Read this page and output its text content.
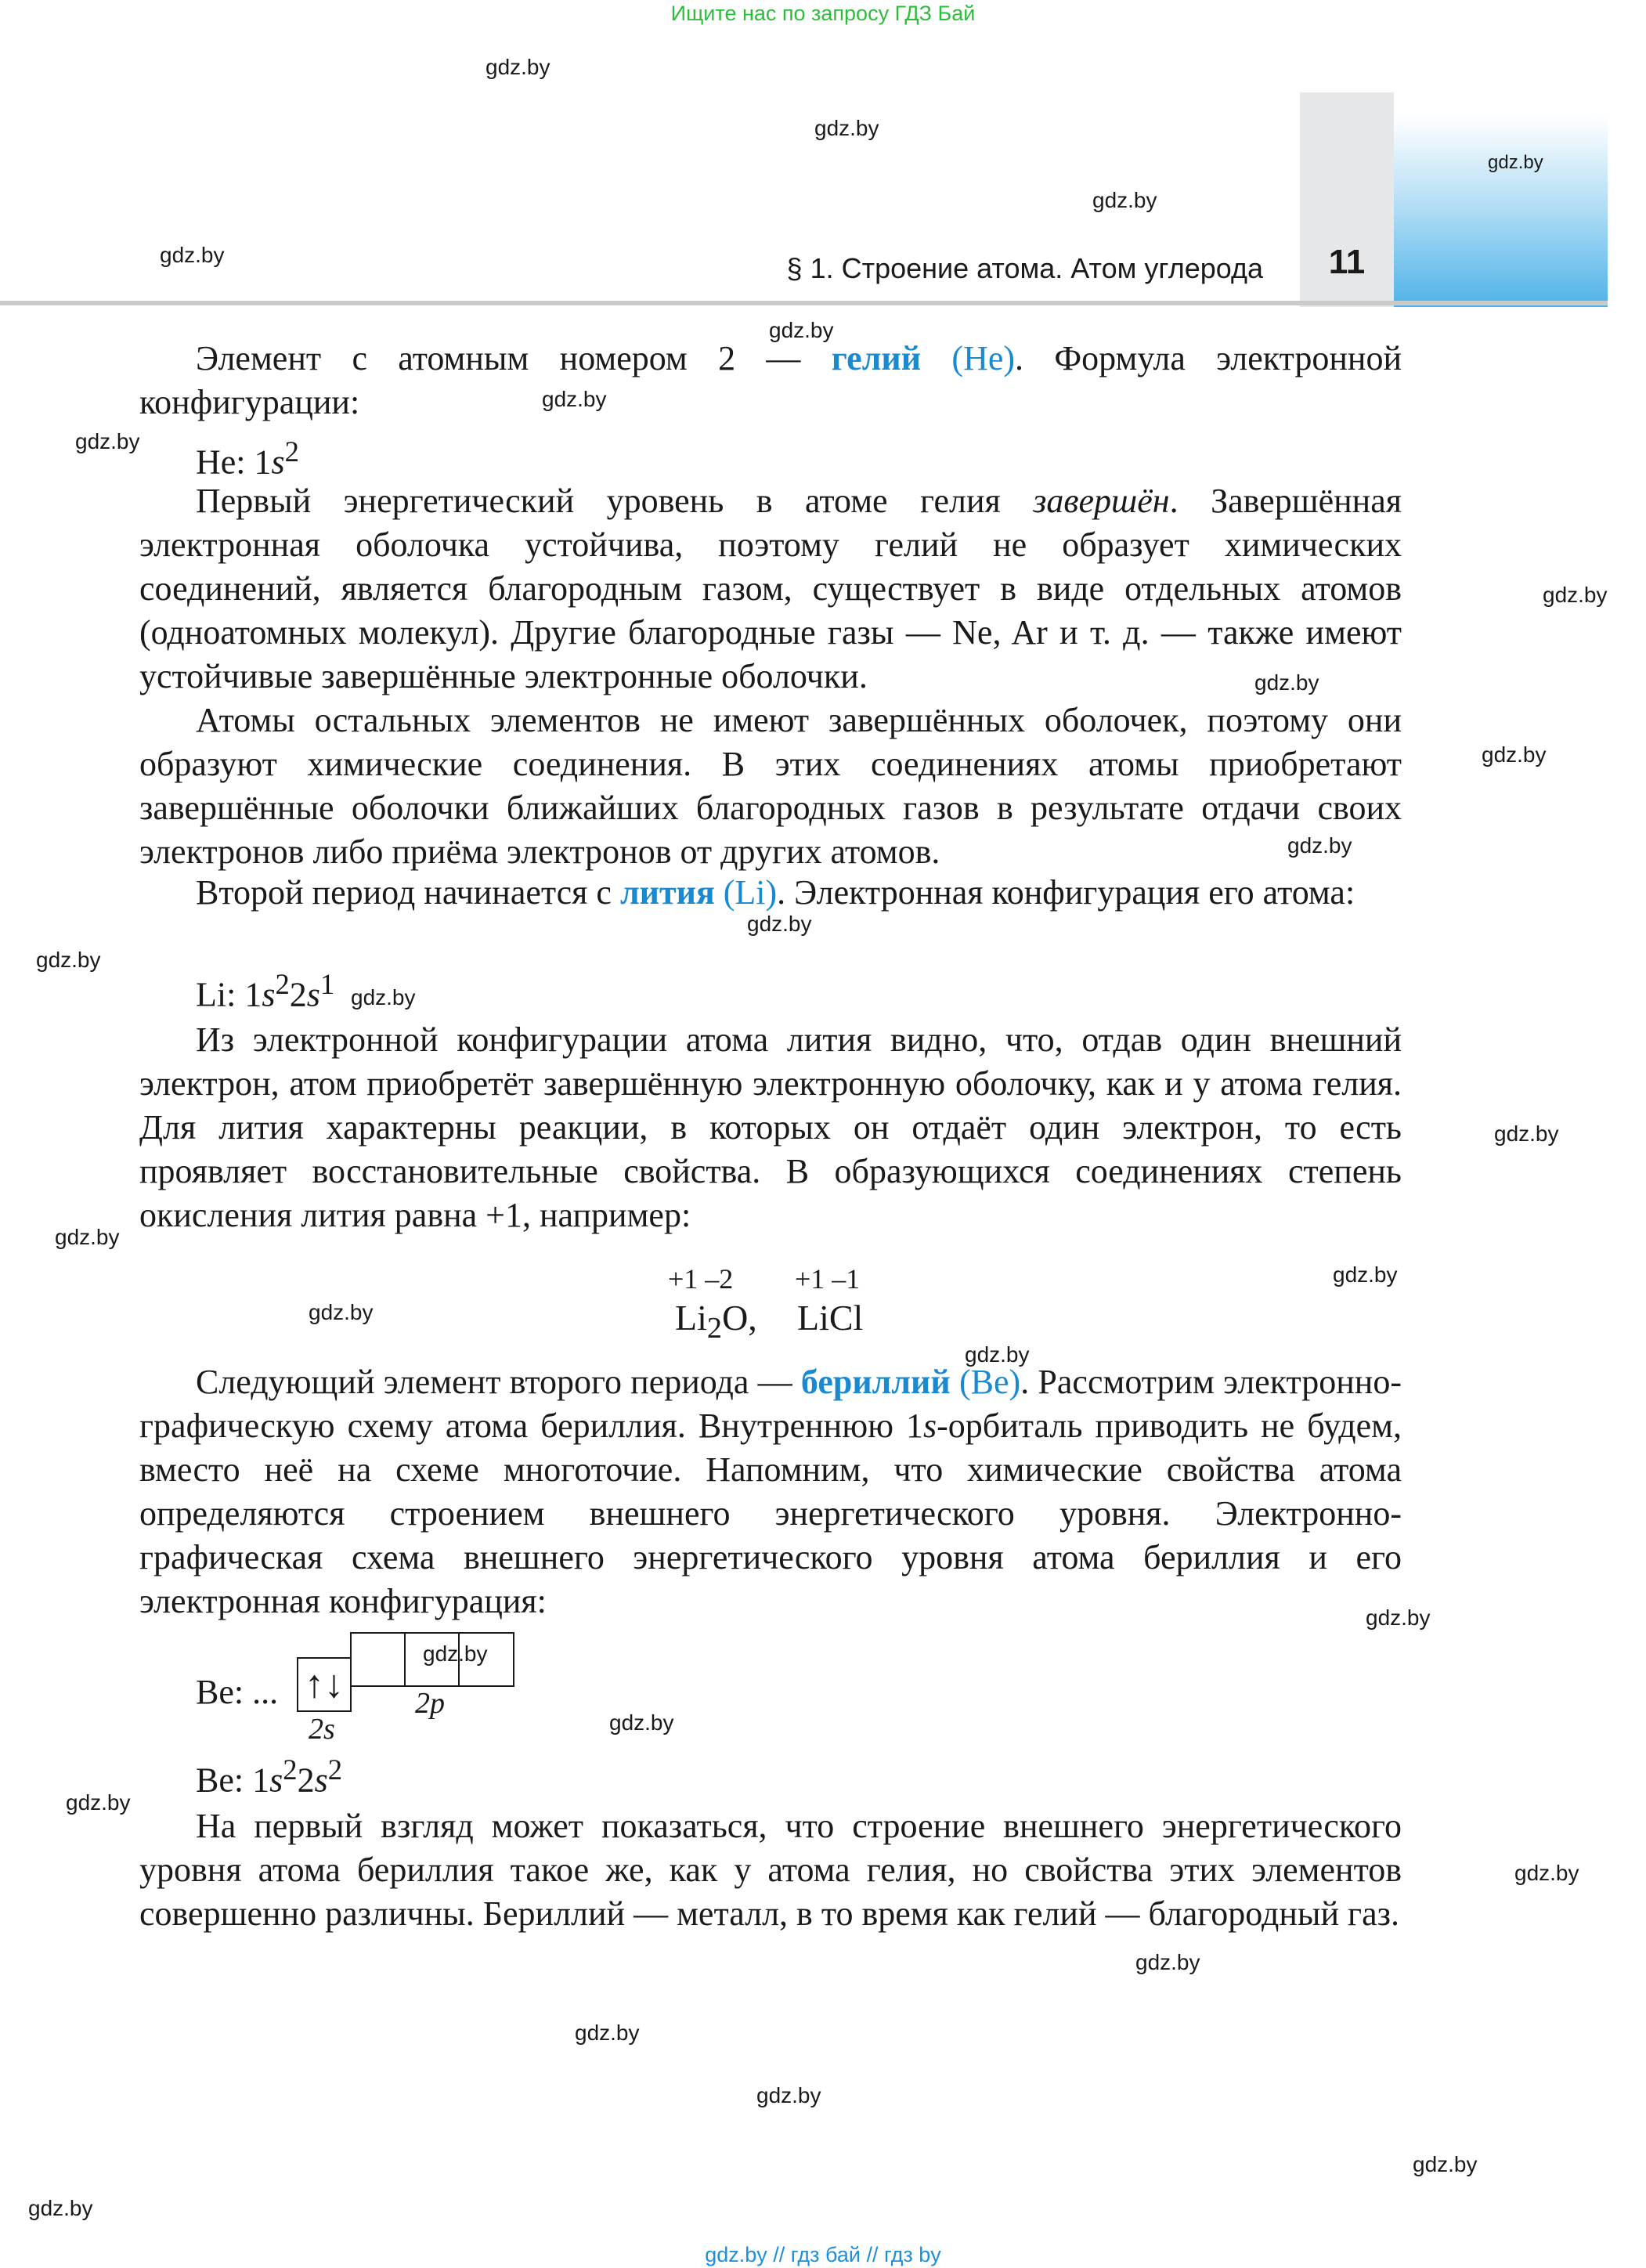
Ищите нас по запросу ГДЗ Бай
§ 1. Строение атома. Атом углерода	11

Элемент с атомным номером 2 — гелий (He). Формула электронной конфигурации:

He: $1s^2$

Первый энергетический уровень в атоме гелия завершён. Завершённая электронная оболочка устойчива, поэтому гелий не образует химических соединений, является благородным газом, существует в виде отдельных атомов (одноатомных молекул). Другие благородные газы — Ne, Ar и т. д. — также имеют устойчивые завершённые электронные оболочки.

Атомы остальных элементов не имеют завершённых оболочек, поэтому они образуют химические соединения. В этих соединениях атомы приобретают завершённые оболочки ближайших благородных газов в результате отдачи своих электронов либо приёма электронов от других атомов.

Второй период начинается с лития (Li). Электронная конфигурация его атома:

Li: $1s^22s^1$

Из электронной конфигурации атома лития видно, что, отдав один внешний электрон, атом приобретёт завершённую электронную оболочку, как и у атома гелия. Для лития характерны реакции, в которых он отдаёт один электрон, то есть проявляет восстановительные свойства. В образующихся соединениях степень окисления лития равна +1, например:

+1 –2 +1 –1
$Li_2O$, LiCl

Следующий элемент второго периода — бериллий (Be). Рассмотрим электронно-графическую схему атома бериллия. Внутреннюю 1s-орбиталь приводить не будем, вместо неё на схеме многоточие. Напомним, что химические свойства атома определяются строением внешнего энергетического уровня. Электронно-графическая схема внешнего энергетического уровня атома бериллия и его электронная конфигурация:

Be: ... ↑↓
2s
2p
Be: $1s^22s^2$

На первый взгляд может показаться, что строение внешнего энергетического уровня атома бериллия такое же, как у атома гелия, но свойства этих элементов совершенно различны. Бериллий — металл, в то время как гелий — благородный газ.

gdz.by
gdz.by
gdz.by
gdz.by
gdz.by
gdz.by
gdz.by
gdz.by
gdz.by
gdz.by
gdz.by
gdz.by
gdz.by
gdz.by
gdz.by
gdz.by
gdz.by
gdz.by
gdz.by
gdz.by
gdz.by
gdz.by
gdz.by
gdz.by
gdz.by
gdz.by
gdz.by
gdz.by
gdz.by
gdz.by
gdz.by // гдз бай // гдз by
